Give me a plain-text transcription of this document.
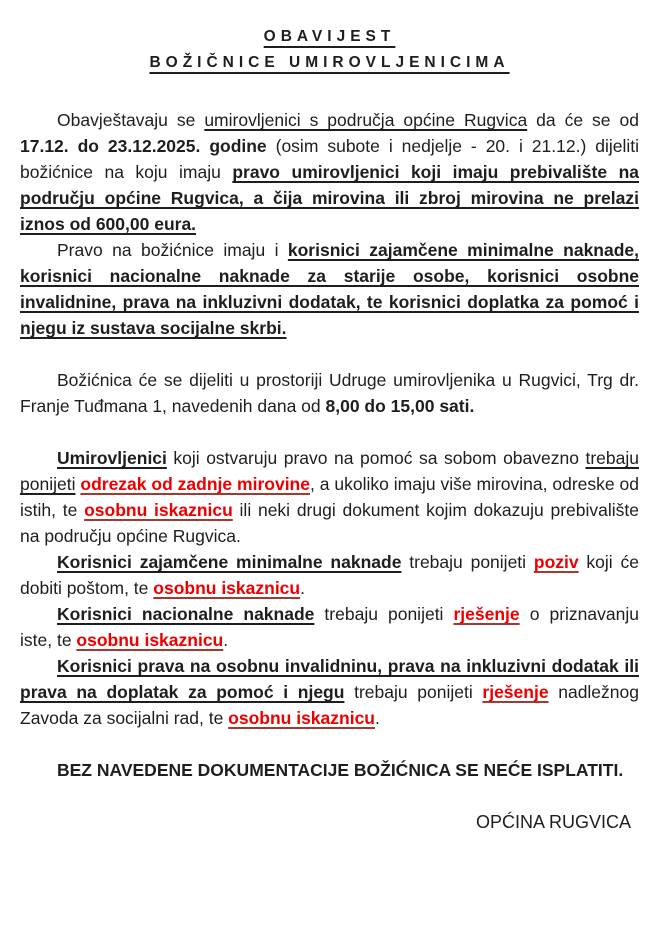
OBAVIJEST
BOŽIČNICE UMIROVLJENICIMA

Obavještavaju se umirovljenici s područja općine Rugvica da će se od 17.12. do 23.12.2025. godine (osim subote i nedjelje - 20. i 21.12.) dijeliti božićnice na koju imaju pravo umirovljenici koji imaju prebivalište na području općine Rugvica, a čija mirovina ili zbroj mirovina ne prelazi iznos od 600,00 eura.

Pravo na božićnice imaju i korisnici zajamčene minimalne naknade, korisnici nacionalne naknade za starije osobe, korisnici osobne invalidnine, prava na inkluzivni dodatak, te korisnici doplatka za pomoć i njegu iz sustava socijalne skrbi.

Božićnica će se dijeliti u prostoriji Udruge umirovljenika u Rugvici, Trg dr. Franje Tuđmana 1, navedenih dana od 8,00 do 15,00 sati.

Umirovljenici koji ostvaruju pravo na pomoć sa sobom obavezno trebaju ponijeti odrezak od zadnje mirovine, a ukoliko imaju više mirovina, odreske od istih, te osobnu iskaznicu ili neki drugi dokument kojim dokazuju prebivalište na području općine Rugvica.

Korisnici zajamčene minimalne naknade trebaju ponijeti poziv koji će dobiti poštom, te osobnu iskaznicu.

Korisnici nacionalne naknade trebaju ponijeti rješenje o priznavanju iste, te osobnu iskaznicu.

Korisnici prava na osobnu invalidninu, prava na inkluzivni dodatak ili prava na doplatak za pomoć i njegu trebaju ponijeti rješenje nadležnog Zavoda za socijalni rad, te osobnu iskaznicu.

BEZ NAVEDENE DOKUMENTACIJE BOŽIĆNICA SE NEĆE ISPLATITI.

OPĆINA RUGVICA
